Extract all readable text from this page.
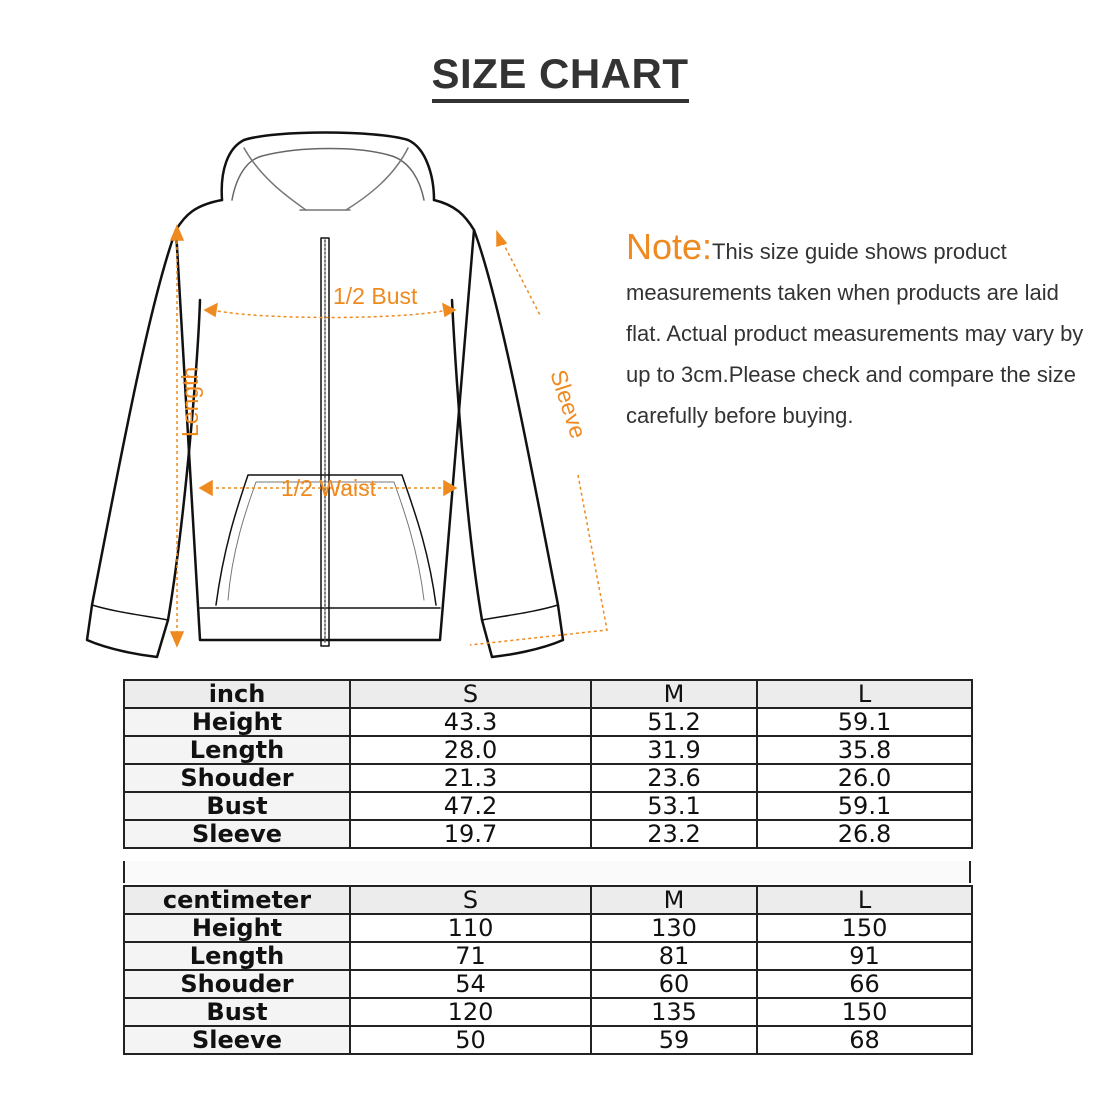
SIZE CHART
1/2 Bust
1/2 Waist
Length	Sleeve
Note:This size guide shows product measurements taken when products are laid flat. Actual product measurements may vary by up to 3cm.Please check and compare the size carefully before buying.
inch	S	M	L
Height	43.3	51.2	59.1
Length	28.0	31.9	35.8
Shouder	21.3	23.6	26.0
Bust	47.2	53.1	59.1
Sleeve	19.7	23.2	26.8
centimeter	S	M	L
Height	110	130	150
Length	71	81	91
Shouder	54	60	66
Bust	120	135	150
Sleeve	50	59	68
